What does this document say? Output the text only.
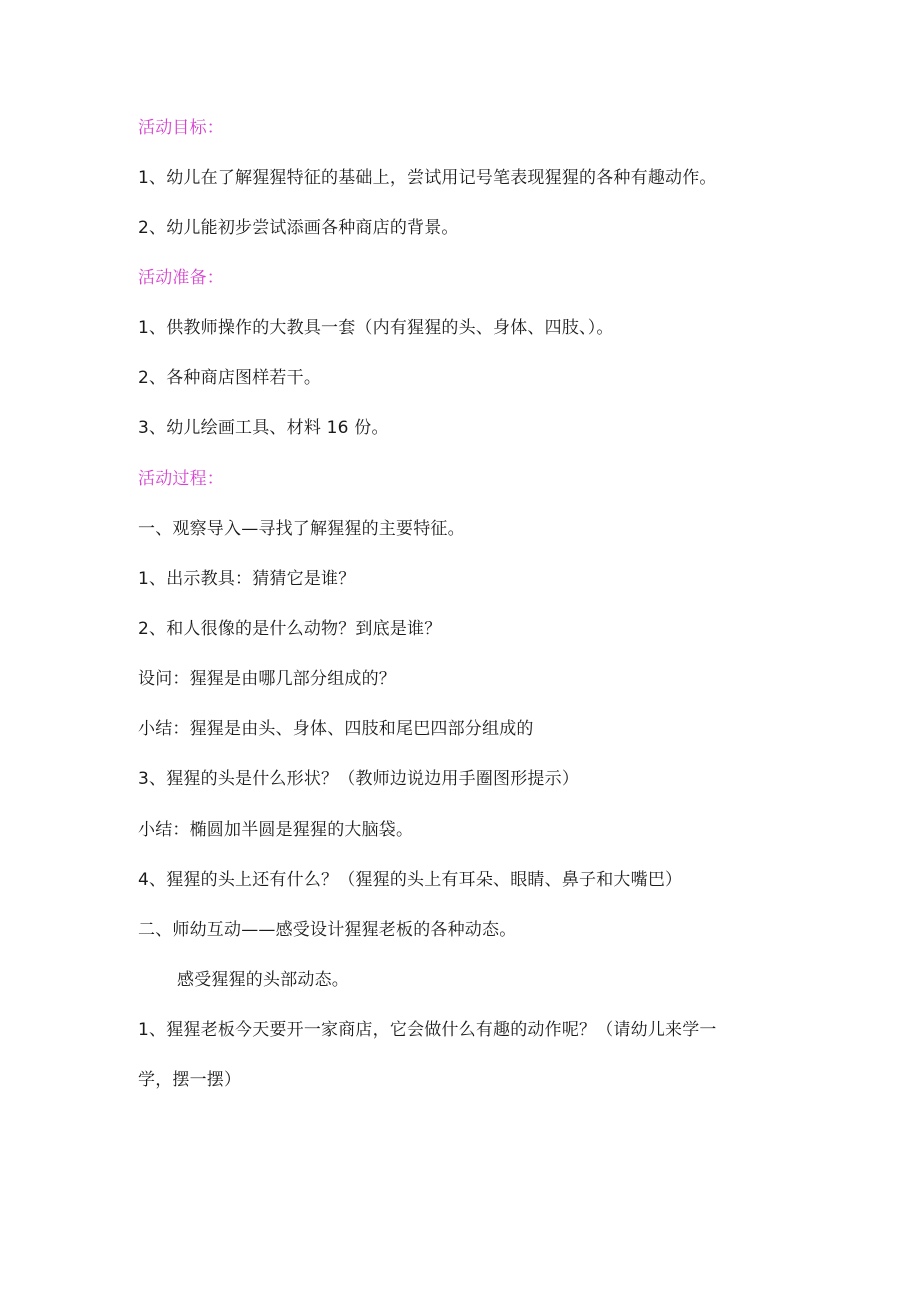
活动目标：
1、幼儿在了解猩猩特征的基础上，尝试用记号笔表现猩猩的各种有趣动作。
2、幼儿能初步尝试添画各种商店的背景。
活动准备：
1、供教师操作的大教具一套（内有猩猩的头、身体、四肢、）。
2、各种商店图样若干。
3、幼儿绘画工具、材料 16 份。
活动过程：
一、观察导入—寻找了解猩猩的主要特征。
1、出示教具：猜猜它是谁？
2、和人很像的是什么动物？到底是谁？
设问：猩猩是由哪几部分组成的？
小结：猩猩是由头、身体、四肢和尾巴四部分组成的
3、猩猩的头是什么形状？（教师边说边用手圈图形提示）
小结：椭圆加半圆是猩猩的大脑袋。
4、猩猩的头上还有什么？（猩猩的头上有耳朵、眼睛、鼻子和大嘴巴）
二、师幼互动——感受设计猩猩老板的各种动态。
感受猩猩的头部动态。
1、猩猩老板今天要开一家商店，它会做什么有趣的动作呢？（请幼儿来学一
学，摆一摆）
